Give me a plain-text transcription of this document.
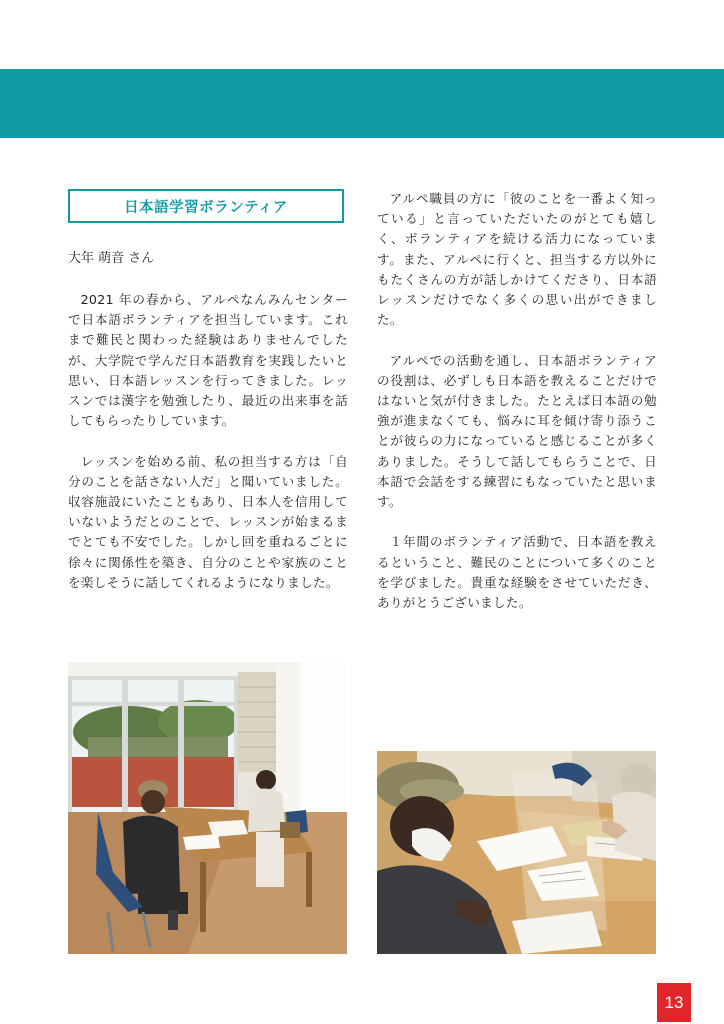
日本語学習ボランティア
大年 萌音 さん

2021 年の春から、アルペなんみんセンターで日本語ボランティアを担当しています。これまで難民と関わった経験はありませんでしたが、大学院で学んだ日本語教育を実践したいと思い、日本語レッスンを行ってきました。レッスンでは漢字を勉強したり、最近の出来事を話してもらったりしています。

レッスンを始める前、私の担当する方は「自分のことを話さない人だ」と聞いていました。収容施設にいたこともあり、日本人を信用していないようだとのことで、レッスンが始まるまでとても不安でした。しかし回を重ねるごとに徐々に関係性を築き、自分のことや家族のことを楽しそうに話してくれるようになりました。

アルペ職員の方に「彼のことを一番よく知っている」と言っていただいたのがとても嬉しく、ボランティアを続ける活力になっています。また、アルペに行くと、担当する方以外にもたくさんの方が話しかけてくださり、日本語レッスンだけでなく多くの思い出ができました。

アルペでの活動を通し、日本語ボランティアの役割は、必ずしも日本語を教えることだけではないと気が付きました。たとえば日本語の勉強が進まなくても、悩みに耳を傾け寄り添うことが彼らの力になっていると感じることが多くありました。そうして話してもらうことで、日本語で会話をする練習にもなっていたと思います。

１年間のボランティア活動で、日本語を教えるということ、難民のことについて多くのことを学びました。貴重な経験をさせていただき、ありがとうございました。

13
